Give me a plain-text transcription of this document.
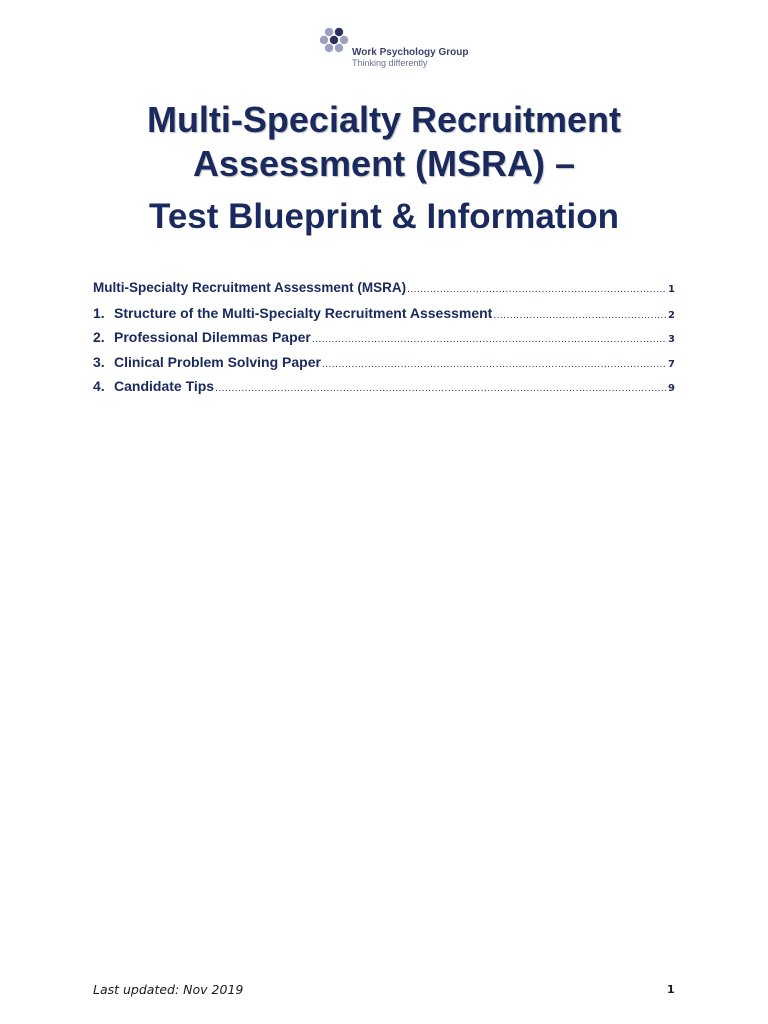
Work Psychology Group
Thinking differently
Multi-Specialty Recruitment Assessment (MSRA) –
Test Blueprint & Information
Multi-Specialty Recruitment Assessment (MSRA) .....	1
1. Structure of the Multi-Specialty Recruitment Assessment .....	2
2. Professional Dilemmas Paper .....	3
3. Clinical Problem Solving Paper .....	7
4. Candidate Tips .....	9
Last updated: Nov 2019	1
